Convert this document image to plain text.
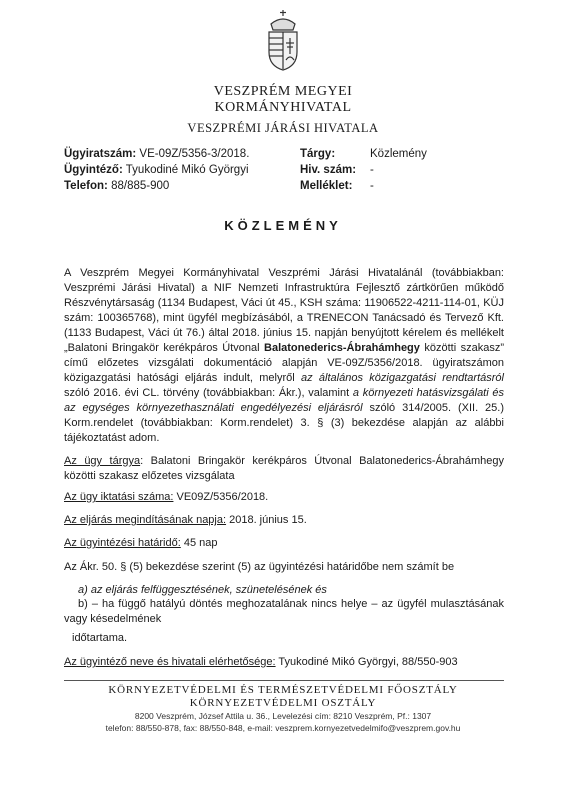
VESZPRÉM MEGYEI
KORMÁNYHIVATAL
VESZPRÉMI JÁRÁSI HIVATALA
Ügyiratszám: VE-09Z/5356-3/2018.
Ügyintéző: Tyukodiné Mikó Györgyi
Telefon: 88/885-900
Tárgy:	Közlemény
Hiv. szám: -
Melléklet: -
KÖZLEMÉNY
A Veszprém Megyei Kormányhivatal Veszprémi Járási Hivatalánál (továbbiakban: Veszprémi Járási Hivatal) a NIF Nemzeti Infrastruktúra Fejlesztő zártkörűen működő Részvénytársaság (1134 Budapest, Váci út 45., KSH száma: 11906522-4211-114-01, KÜJ szám: 100365768), mint ügyfél megbízásából, a TRENECON Tanácsadó és Tervező Kft. (1133 Budapest, Váci út 76.) által 2018. június 15. napján benyújtott kérelem és mellékelt „Balatoni Bringakör kerékpáros Útvonal Balatonederics-Ábrahámhegy közötti szakasz” című előzetes vizsgálati dokumentáció alapján VE-09Z/5356/2018. ügyiratszámon közigazgatási hatósági eljárás indult, melyről az általános közigazgatási rendtartásról szóló 2016. évi CL. törvény (továbbiakban: Ákr.), valamint a környezeti hatásvizsgálati és az egységes környezethasználati engedélyezési eljárásról szóló 314/2005. (XII. 25.) Korm.rendelet (továbbiakban: Korm.rendelet) 3. § (3) bekezdése alapján az alábbi tájékoztatást adom.
Az ügy tárgya: Balatoni Bringakör kerékpáros Útvonal Balatonederics-Ábrahámhegy közötti szakasz előzetes vizsgálata
Az ügy iktatási száma: VE09Z/5356/2018.
Az eljárás megindításának napja: 2018. június 15.
Az ügyintézési határidő: 45 nap
Az Ákr. 50. § (5) bekezdése szerint (5) az ügyintézési határidőbe nem számít be
a) az eljárás felfüggesztésének, szünetelésének és
b) – ha függő hatályú döntés meghozatalának nincs helye – az ügyfél mulasztásának vagy késedelmének
időtartama.
Az ügyintéző neve és hivatali elérhetősége: Tyukodiné Mikó Györgyi, 88/550-903
KÖRNYEZETVÉDELMI ÉS TERMÉSZETVÉDELMI FŐOSZTÁLY
KÖRNYEZETVÉDELMI OSZTÁLY
8200 Veszprém, József Attila u. 36., Levelezési cím: 8210 Veszprém, Pf.: 1307
telefon: 88/550-878, fax: 88/550-848, e-mail: veszprem.kornyezetvedelmifo@veszprem.gov.hu
